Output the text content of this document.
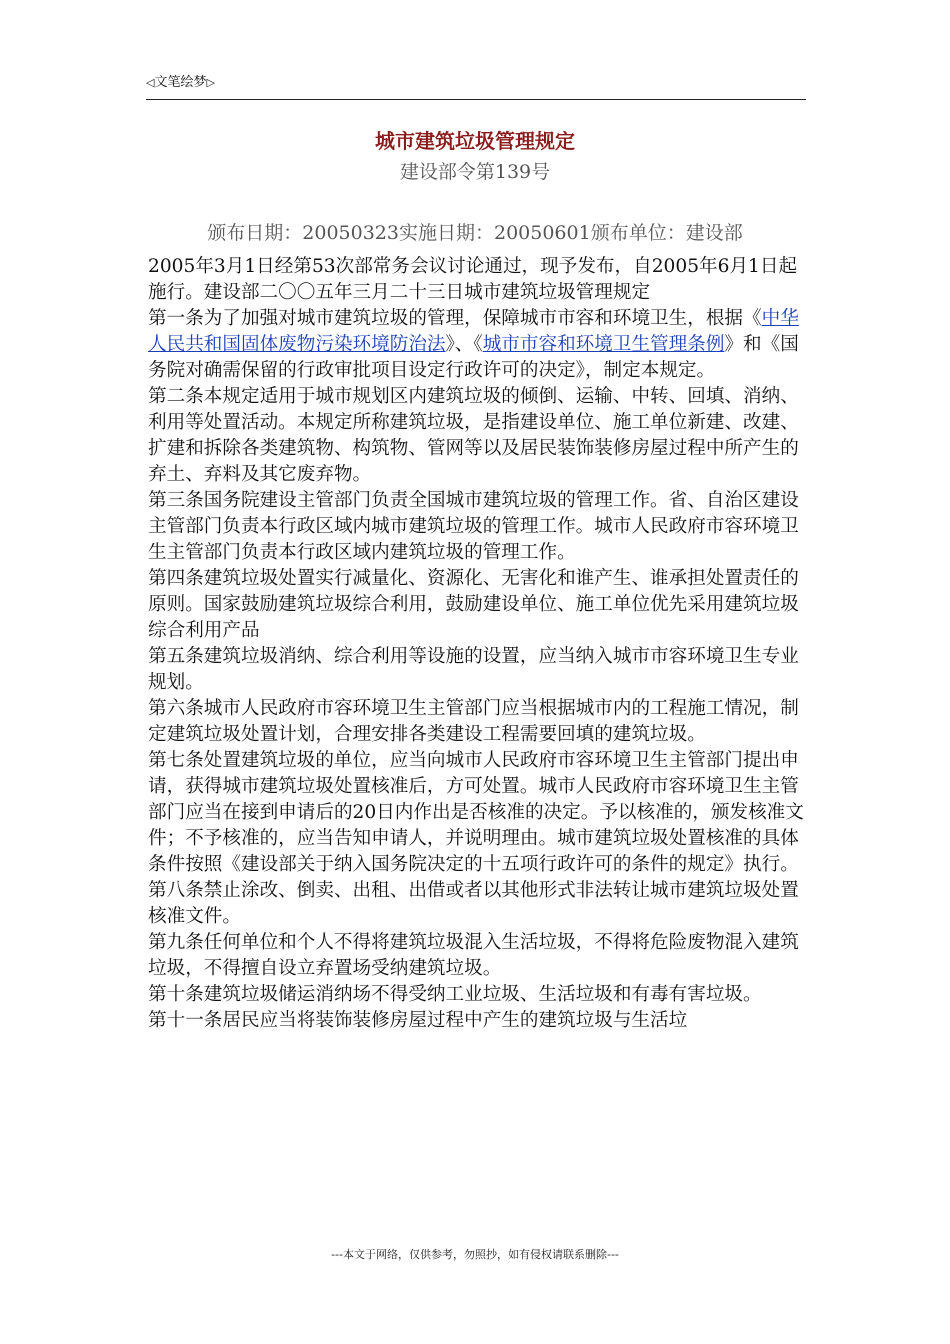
◁ 文笔绘梦 ▷
城市建筑垃圾管理规定
建设部令第139号
颁布日期：20050323实施日期：20050601颁布单位：建设部

2005年3月1日经第53次部常务会议讨论通过，现予发布，自2005年6月1日起施行。建设部二〇〇五年三月二十三日城市建筑垃圾管理规定

第一条为了加强对城市建筑垃圾的管理，保障城市市容和环境卫生，根据《中华人民共和国固体废物污染环境防治法》、《城市市容和环境卫生管理条例》和《国务院对确需保留的行政审批项目设定行政许可的决定》，制定本规定。

第二条本规定适用于城市规划区内建筑垃圾的倾倒、运输、中转、回填、消纳、利用等处置活动。本规定所称建筑垃圾，是指建设单位、施工单位新建、改建、扩建和拆除各类建筑物、构筑物、管网等以及居民装饰装修房屋过程中所产生的弃土、弃料及其它废弃物。

第三条国务院建设主管部门负责全国城市建筑垃圾的管理工作。省、自治区建设主管部门负责本行政区域内城市建筑垃圾的管理工作。城市人民政府市容环境卫生主管部门负责本行政区域内建筑垃圾的管理工作。

第四条建筑垃圾处置实行减量化、资源化、无害化和谁产生、谁承担处置责任的原则。国家鼓励建筑垃圾综合利用，鼓励建设单位、施工单位优先采用建筑垃圾综合利用产品

第五条建筑垃圾消纳、综合利用等设施的设置，应当纳入城市市容环境卫生专业规划。

第六条城市人民政府市容环境卫生主管部门应当根据城市内的工程施工情况，制定建筑垃圾处置计划，合理安排各类建设工程需要回填的建筑垃圾。

第七条处置建筑垃圾的单位，应当向城市人民政府市容环境卫生主管部门提出申请，获得城市建筑垃圾处置核准后，方可处置。城市人民政府市容环境卫生主管部门应当在接到申请后的20日内作出是否核准的决定。予以核准的，颁发核准文件；不予核准的，应当告知申请人，并说明理由。城市建筑垃圾处置核准的具体条件按照《建设部关于纳入国务院决定的十五项行政许可的条件的规定》执行。

第八条禁止涂改、倒卖、出租、出借或者以其他形式非法转让城市建筑垃圾处置核准文件。

第九条任何单位和个人不得将建筑垃圾混入生活垃圾，不得将危险废物混入建筑垃圾，不得擅自设立弃置场受纳建筑垃圾。

第十条建筑垃圾储运消纳场不得受纳工业垃圾、生活垃圾和有毒有害垃圾。

第十一条居民应当将装饰装修房屋过程中产生的建筑垃圾与生活垃

---本文于网络，仅供参考，勿照抄，如有侵权请联系删除---
